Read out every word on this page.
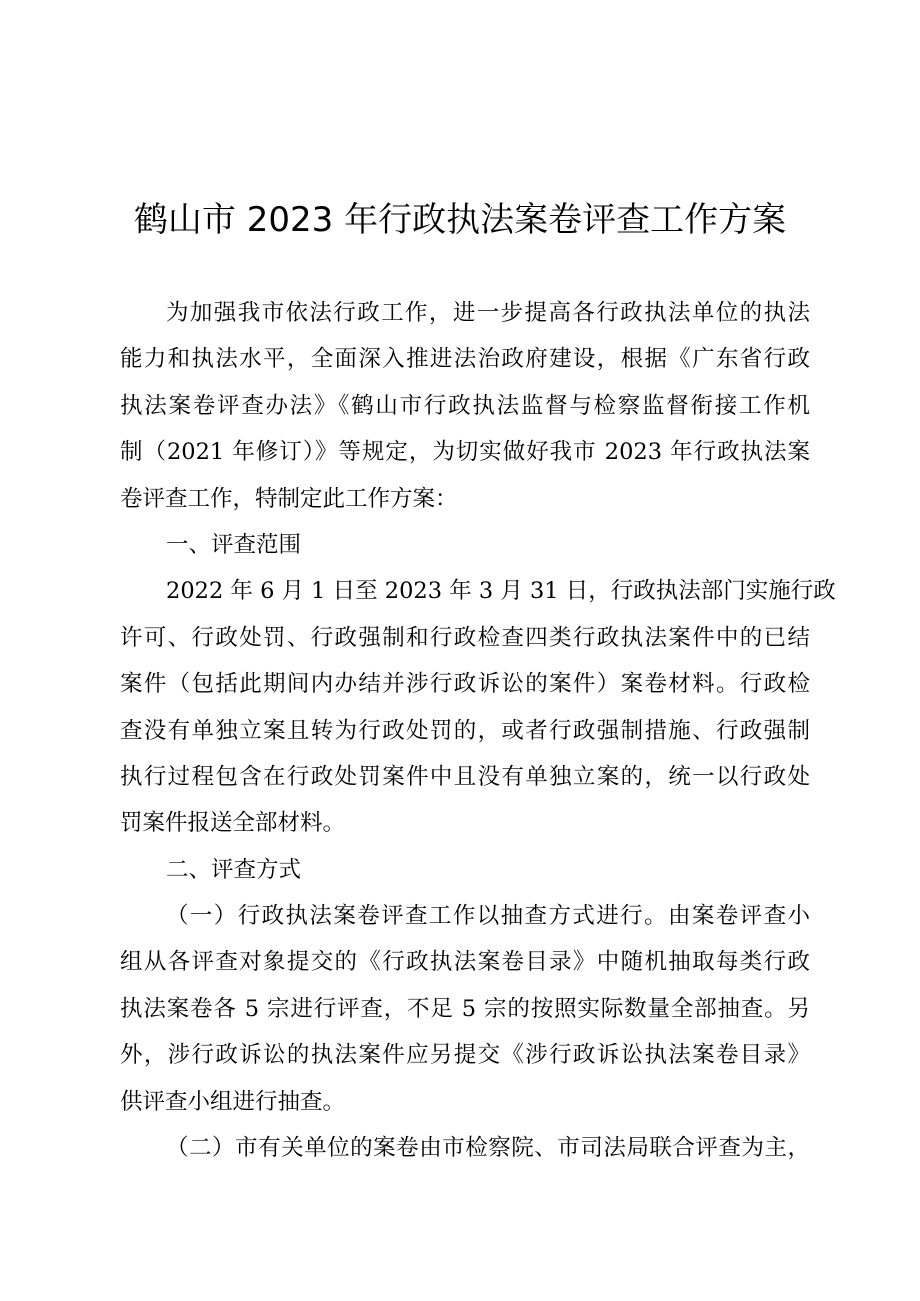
鹤山市 2023 年行政执法案卷评查工作方案
为加强我市依法行政工作，进一步提高各行政执法单位的执法
能力和执法水平，全面深入推进法治政府建设，根据《广东省行政
执法案卷评查办法》《鹤山市行政执法监督与检察监督衔接工作机
制（2021 年修订）》等规定，为切实做好我市 2023 年行政执法案
卷评查工作，特制定此工作方案：
一、评查范围
2022 年 6 月 1 日至 2023 年 3 月 31 日，行政执法部门实施行政
许可、行政处罚、行政强制和行政检查四类行政执法案件中的已结
案件（包括此期间内办结并涉行政诉讼的案件）案卷材料。行政检
查没有单独立案且转为行政处罚的，或者行政强制措施、行政强制
执行过程包含在行政处罚案件中且没有单独立案的，统一以行政处
罚案件报送全部材料。
二、评查方式
（一）行政执法案卷评查工作以抽查方式进行。由案卷评查小
组从各评查对象提交的《行政执法案卷目录》中随机抽取每类行政
执法案卷各 5 宗进行评查，不足 5 宗的按照实际数量全部抽查。另
外，涉行政诉讼的执法案件应另提交《涉行政诉讼执法案卷目录》
供评查小组进行抽查。
（二）市有关单位的案卷由市检察院、市司法局联合评查为主，
